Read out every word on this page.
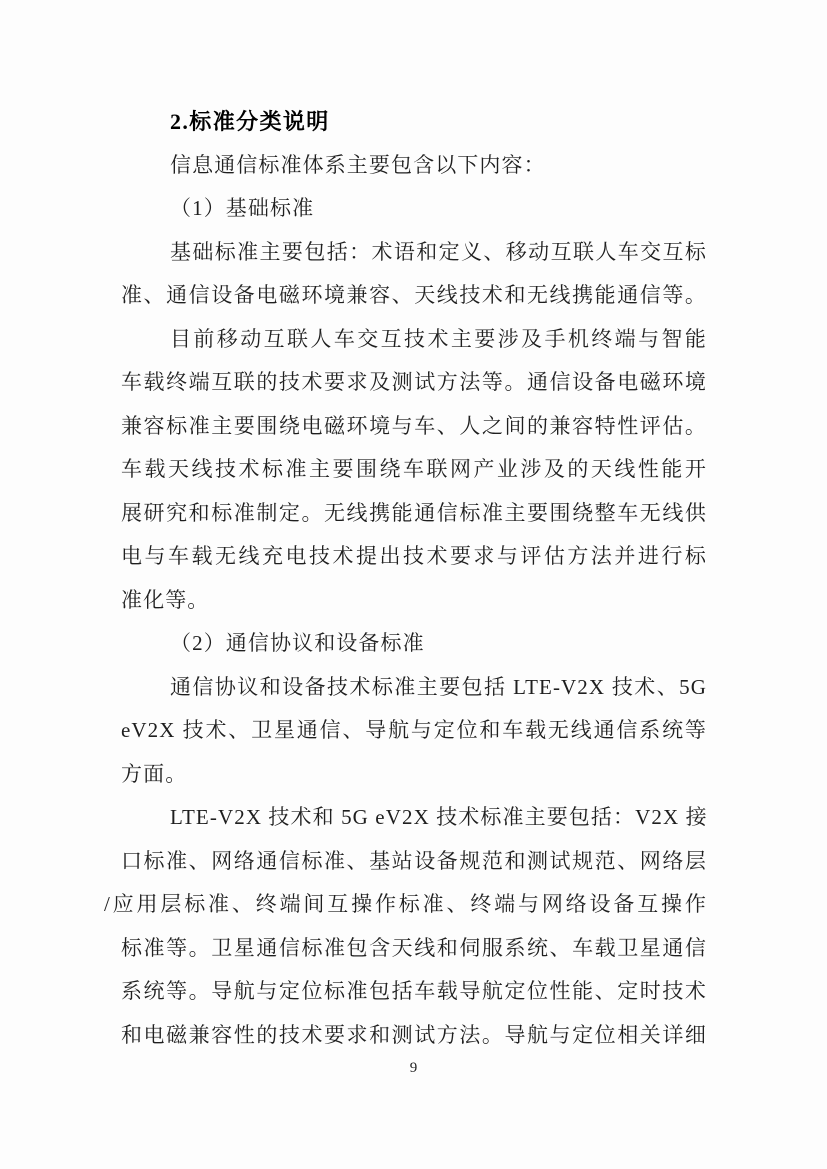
2.标准分类说明
信息通信标准体系主要包含以下内容：
（1）基础标准
基础标准主要包括：术语和定义、移动互联人车交互标
准、通信设备电磁环境兼容、天线技术和无线携能通信等。
目前移动互联人车交互技术主要涉及手机终端与智能
车载终端互联的技术要求及测试方法等。通信设备电磁环境
兼容标准主要围绕电磁环境与车、人之间的兼容特性评估。
车载天线技术标准主要围绕车联网产业涉及的天线性能开
展研究和标准制定。无线携能通信标准主要围绕整车无线供
电与车载无线充电技术提出技术要求与评估方法并进行标
准化等。
（2）通信协议和设备标准
通信协议和设备技术标准主要包括 LTE-V2X 技术、5G
eV2X 技术、卫星通信、导航与定位和车载无线通信系统等
方面。
LTE-V2X 技术和 5G eV2X 技术标准主要包括：V2X 接
口标准、网络通信标准、基站设备规范和测试规范、网络层
/应用层标准、终端间互操作标准、终端与网络设备互操作
标准等。卫星通信标准包含天线和伺服系统、车载卫星通信
系统等。导航与定位标准包括车载导航定位性能、定时技术
和电磁兼容性的技术要求和测试方法。导航与定位相关详细
9
